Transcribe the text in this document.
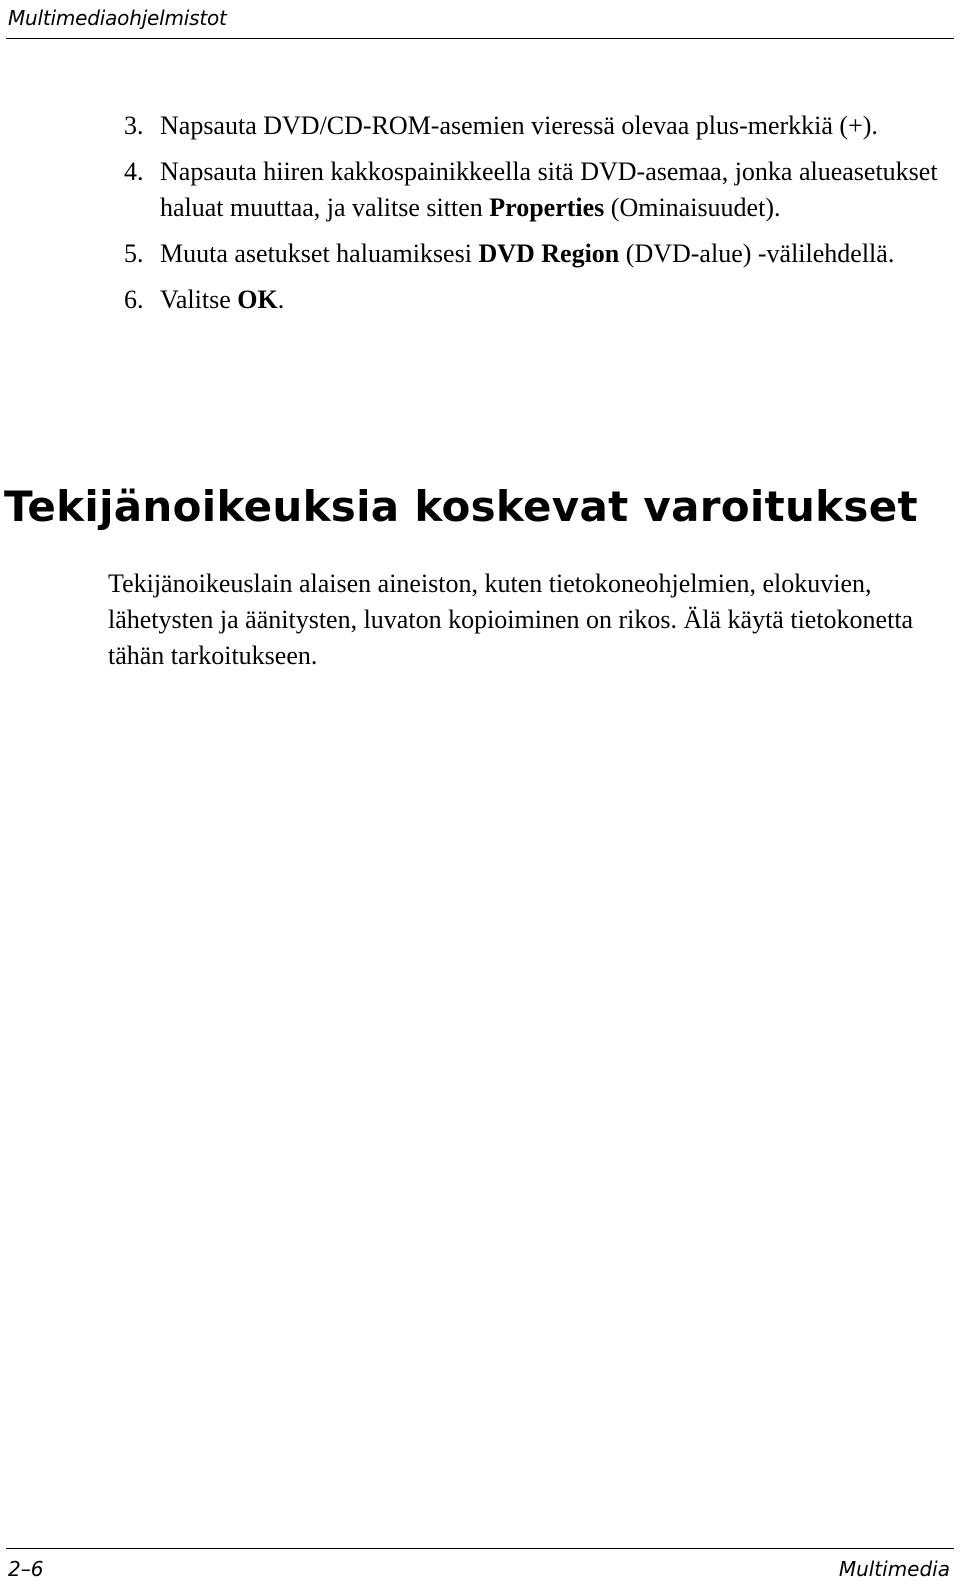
Multimediaohjelmistot
3. Napsauta DVD/CD-ROM-asemien vieressä olevaa plus-merkkiä (+).
4. Napsauta hiiren kakkospainikkeella sitä DVD-asemaa, jonka alueasetukset haluat muuttaa, ja valitse sitten Properties (Ominaisuudet).
5. Muuta asetukset haluamiksesi DVD Region (DVD-alue) -välilehdellä.
6. Valitse OK.
Tekijänoikeuksia koskevat varoitukset

Tekijänoikeuslain alaisen aineiston, kuten tietokoneohjelmien, elokuvien, lähetysten ja äänitysten, luvaton kopioiminen on rikos. Älä käytä tietokonetta tähän tarkoitukseen.

2–6	Multimedia
